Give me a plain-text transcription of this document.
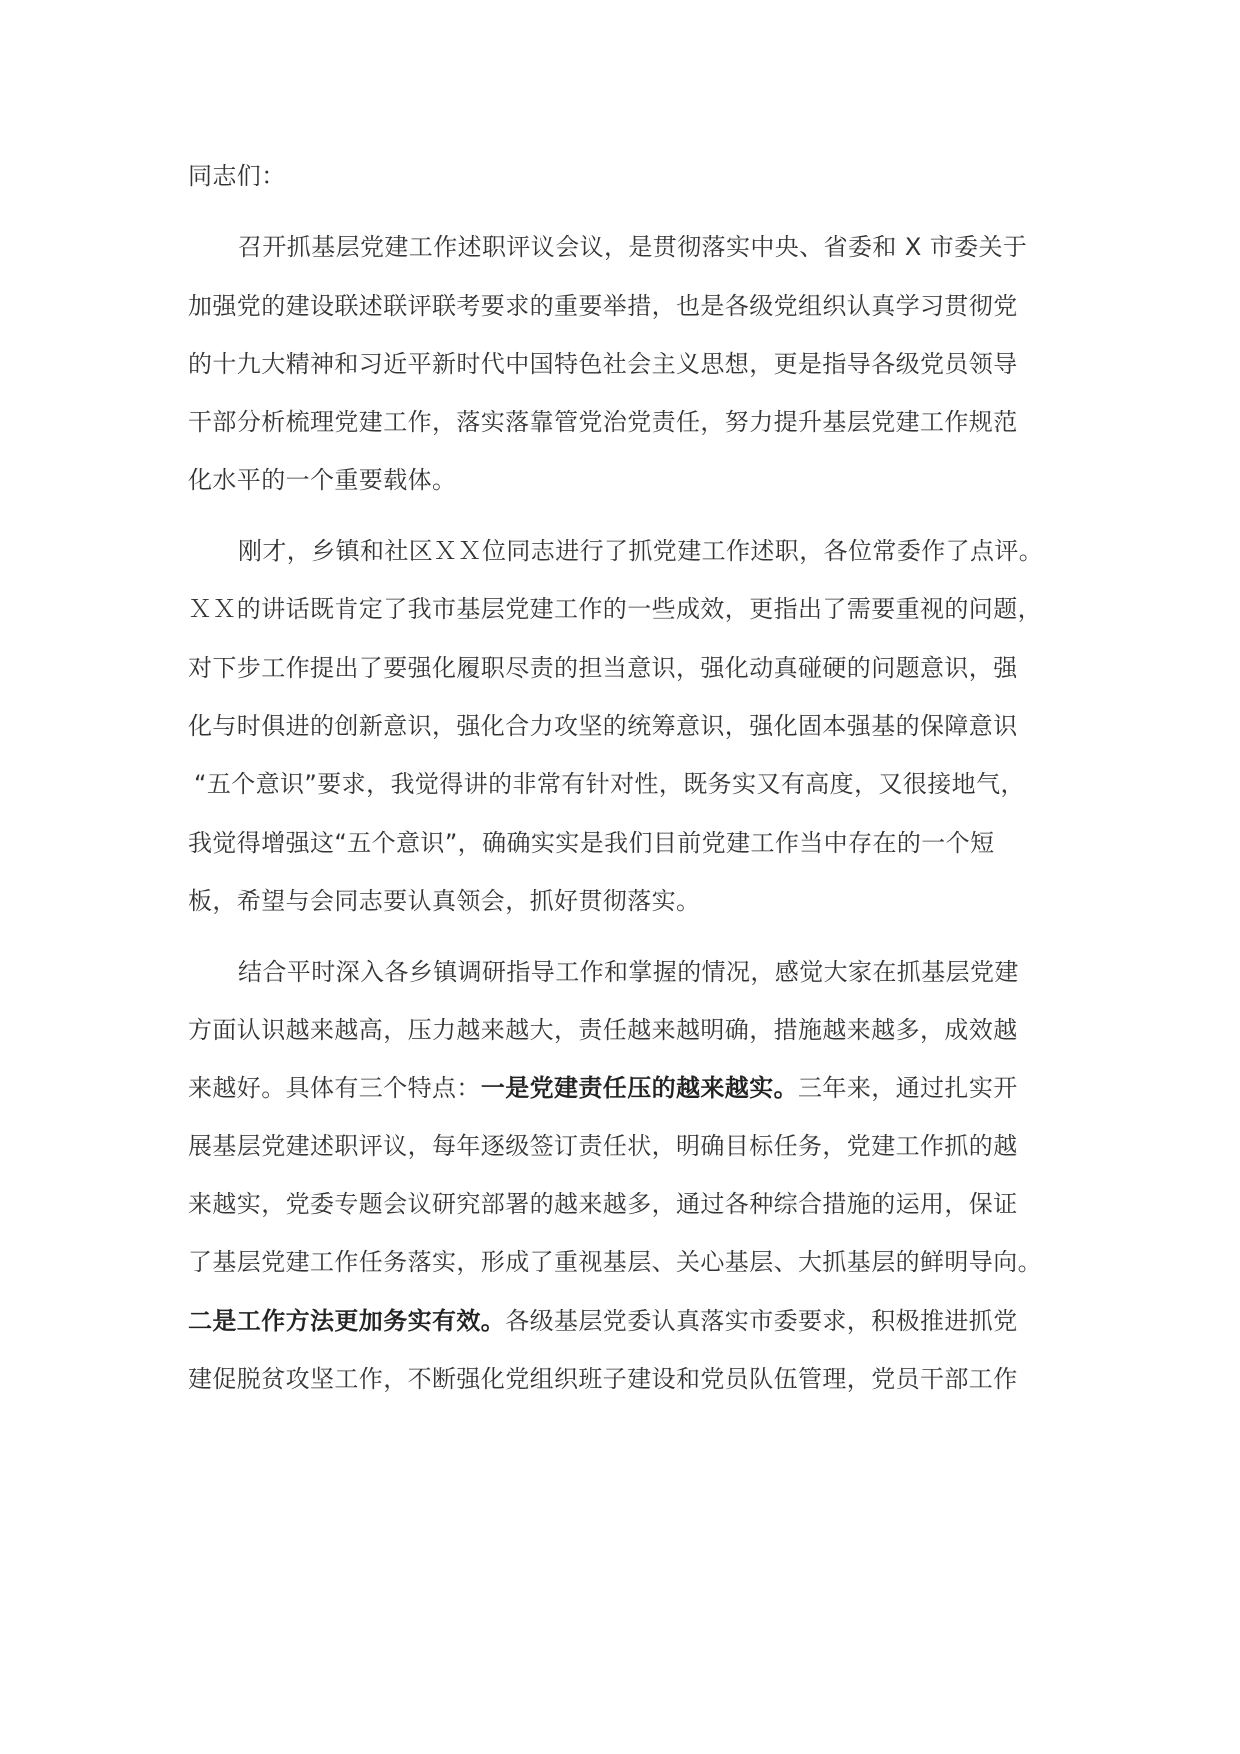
同志们：
召开抓基层党建工作述职评议会议，是贯彻落实中央、省委和 X 市委关于
加强党的建设联述联评联考要求的重要举措，也是各级党组织认真学习贯彻党
的十九大精神和习近平新时代中国特色社会主义思想，更是指导各级党员领导
干部分析梳理党建工作，落实落靠管党治党责任，努力提升基层党建工作规范
化水平的一个重要载体。
刚才，乡镇和社区ＸＸ位同志进行了抓党建工作述职，各位常委作了点评。
ＸＸ的讲话既肯定了我市基层党建工作的一些成效，更指出了需要重视的问题，
对下步工作提出了要强化履职尽责的担当意识，强化动真碰硬的问题意识，强
化与时俱进的创新意识，强化合力攻坚的统筹意识，强化固本强基的保障意识
“五个意识”要求，我觉得讲的非常有针对性，既务实又有高度，又很接地气，
我觉得增强这“五个意识”，确确实实是我们目前党建工作当中存在的一个短
板，希望与会同志要认真领会，抓好贯彻落实。
结合平时深入各乡镇调研指导工作和掌握的情况，感觉大家在抓基层党建
方面认识越来越高，压力越来越大，责任越来越明确，措施越来越多，成效越
来越好。具体有三个特点：一是党建责任压的越来越实。三年来，通过扎实开
展基层党建述职评议，每年逐级签订责任状，明确目标任务，党建工作抓的越
来越实，党委专题会议研究部署的越来越多，通过各种综合措施的运用，保证
了基层党建工作任务落实，形成了重视基层、关心基层、大抓基层的鲜明导向。
二是工作方法更加务实有效。各级基层党委认真落实市委要求，积极推进抓党
建促脱贫攻坚工作，不断强化党组织班子建设和党员队伍管理，党员干部工作
